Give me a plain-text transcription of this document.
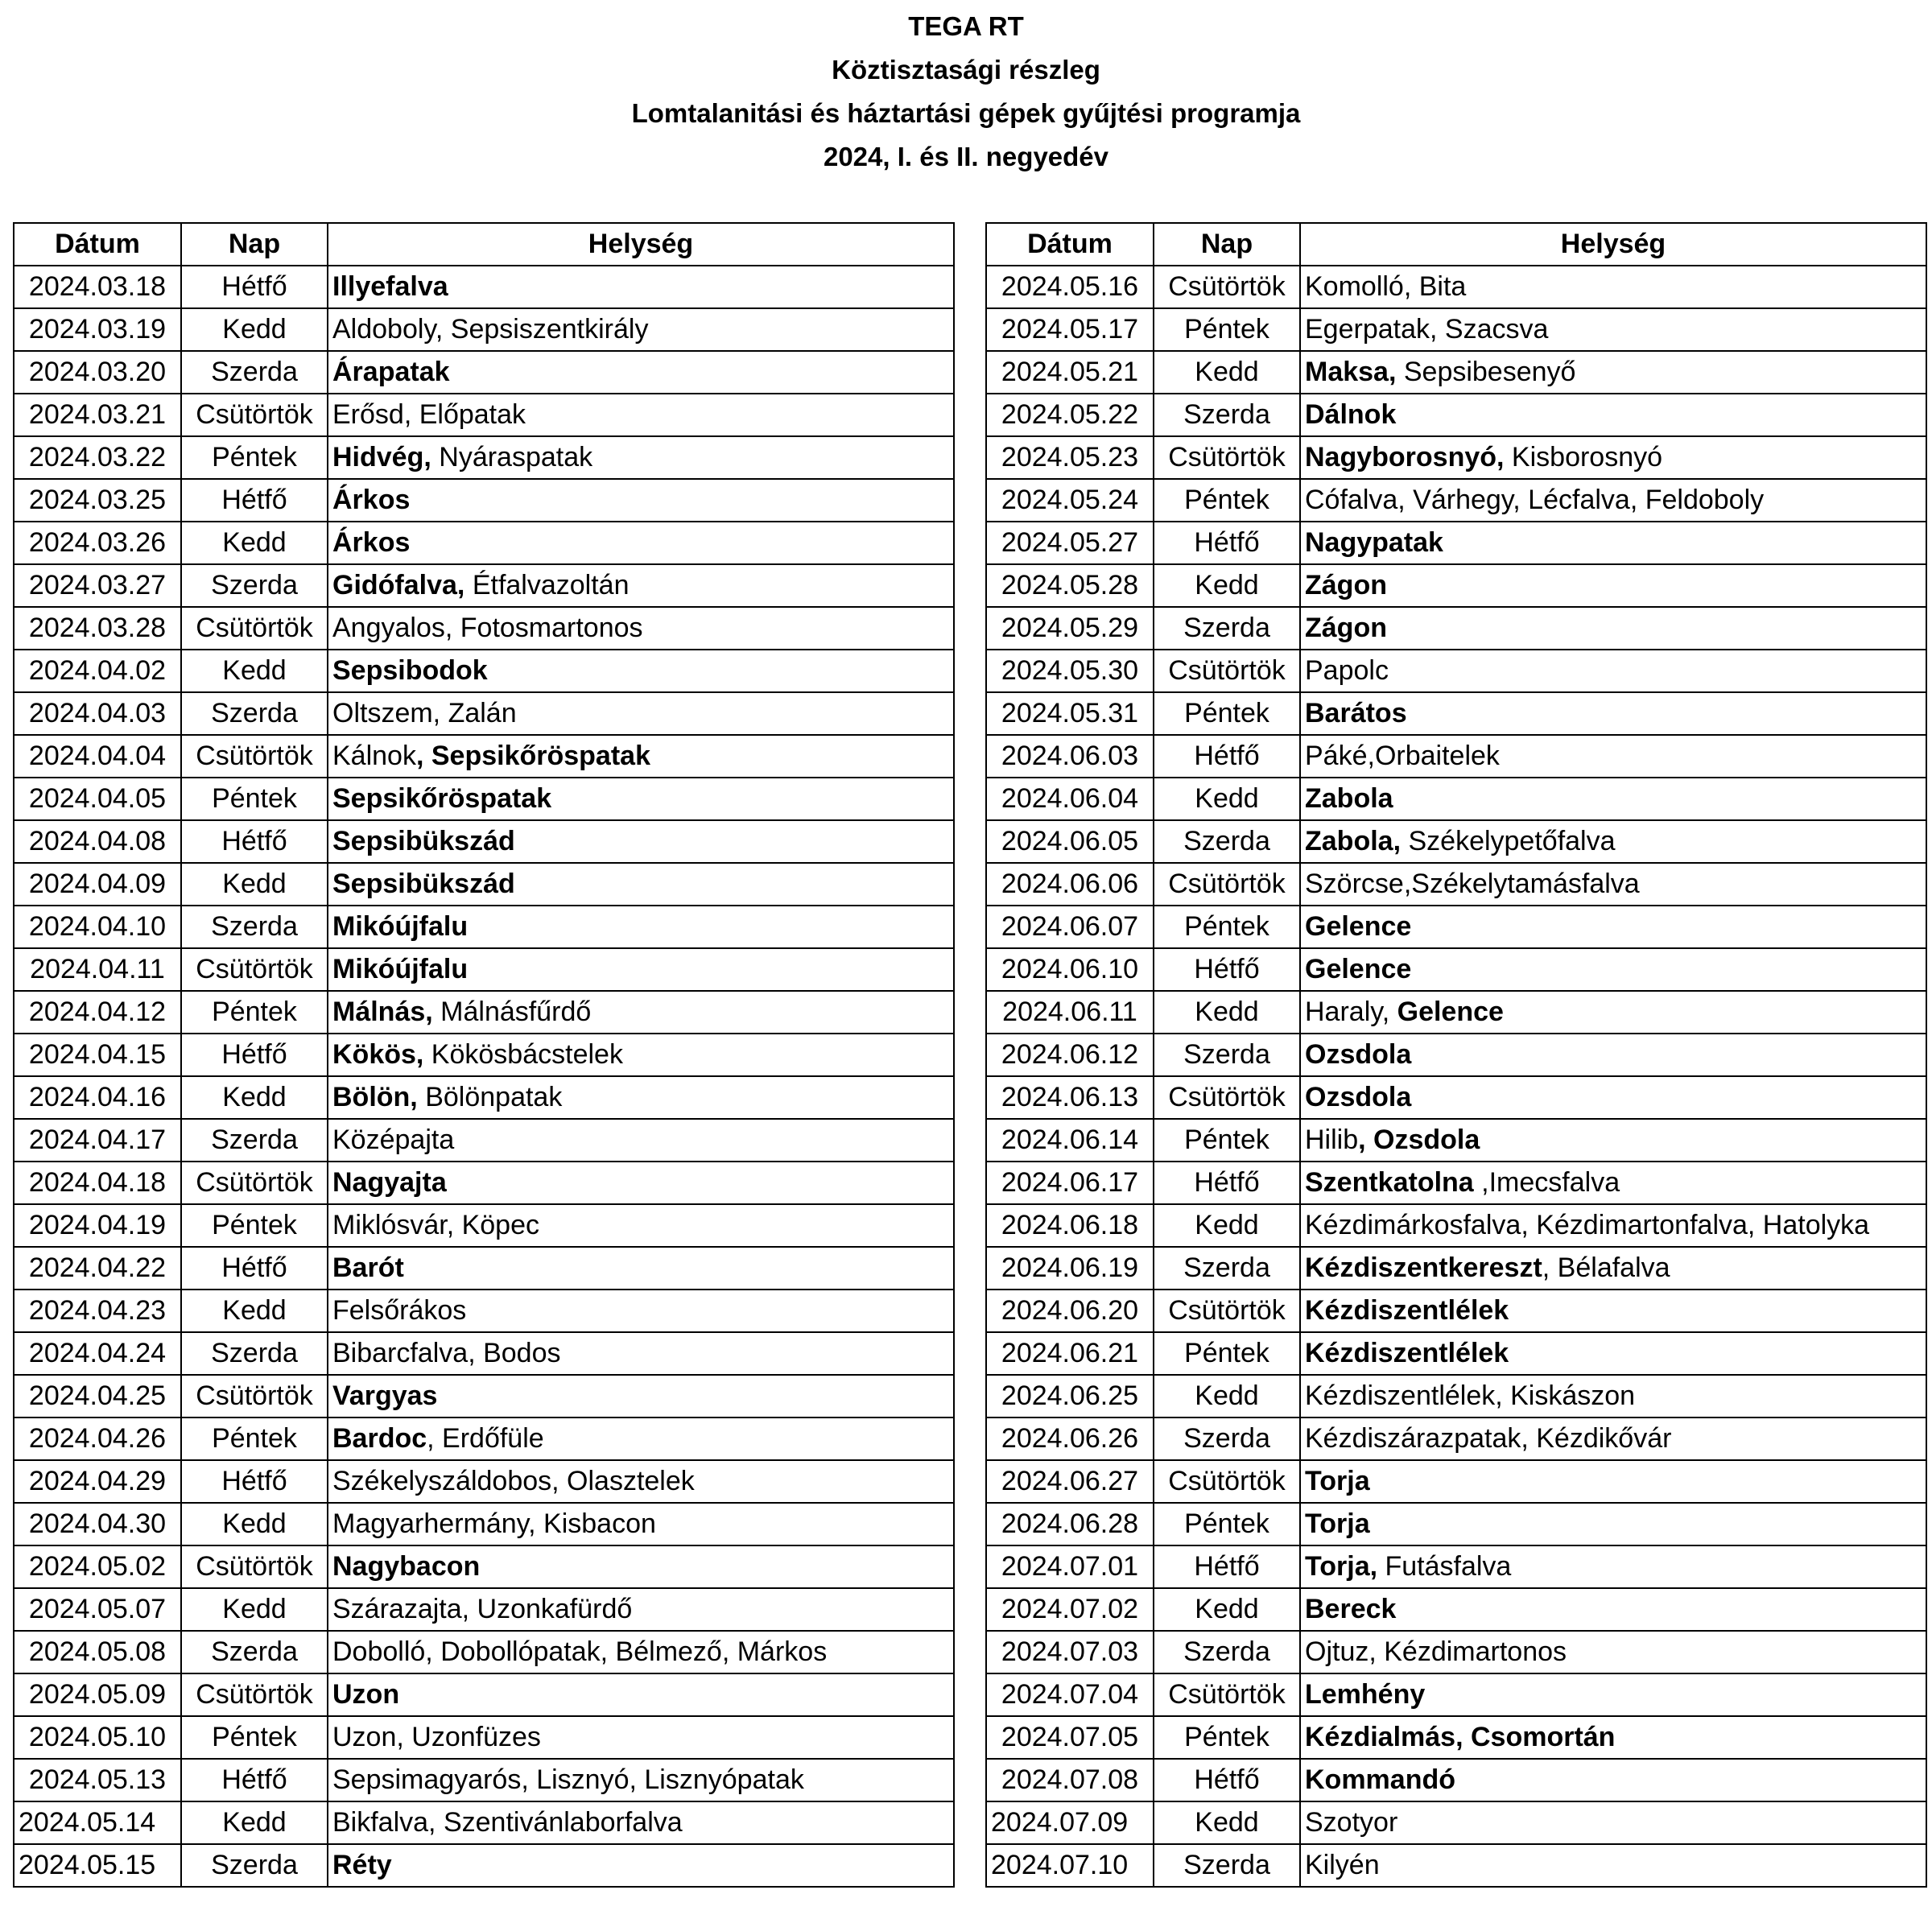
TEGA RT
Köztisztasági részleg
Lomtalanitási és háztartási gépek gyűjtési programja
2024, I. és II. negyedév
Dátum	Nap	Helység
2024.03.18	Hétfő	Illyefalva
2024.03.19	Kedd	Aldoboly, Sepsiszentkirály
2024.03.20	Szerda	Árapatak
2024.03.21	Csütörtök	Erősd, Előpatak
2024.03.22	Péntek	Hidvég, Nyáraspatak
2024.03.25	Hétfő	Árkos
2024.03.26	Kedd	Árkos
2024.03.27	Szerda	Gidófalva, Étfalvazoltán
2024.03.28	Csütörtök	Angyalos, Fotosmartonos
2024.04.02	Kedd	Sepsibodok
2024.04.03	Szerda	Oltszem, Zalán
2024.04.04	Csütörtök	Kálnok, Sepsikőröspatak
2024.04.05	Péntek	Sepsikőröspatak
2024.04.08	Hétfő	Sepsibükszád
2024.04.09	Kedd	Sepsibükszád
2024.04.10	Szerda	Mikóújfalu
2024.04.11	Csütörtök	Mikóújfalu
2024.04.12	Péntek	Málnás, Málnásfűrdő
2024.04.15	Hétfő	Kökös, Kökösbácstelek
2024.04.16	Kedd	Bölön, Bölönpatak
2024.04.17	Szerda	Középajta
2024.04.18	Csütörtök	Nagyajta
2024.04.19	Péntek	Miklósvár, Köpec
2024.04.22	Hétfő	Barót
2024.04.23	Kedd	Felsőrákos
2024.04.24	Szerda	Bibarcfalva, Bodos
2024.04.25	Csütörtök	Vargyas
2024.04.26	Péntek	Bardoc, Erdőfüle
2024.04.29	Hétfő	Székelyszáldobos, Olasztelek
2024.04.30	Kedd	Magyarhermány, Kisbacon
2024.05.02	Csütörtök	Nagybacon
2024.05.07	Kedd	Szárazajta, Uzonkafürdő
2024.05.08	Szerda	Dobolló, Dobollópatak, Bélmező, Márkos
2024.05.09	Csütörtök	Uzon
2024.05.10	Péntek	Uzon, Uzonfüzes
2024.05.13	Hétfő	Sepsimagyarós, Lisznyó, Lisznyópatak
2024.05.14	Kedd	Bikfalva, Szentivánlaborfalva
2024.05.15	Szerda	Réty
Dátum	Nap	Helység
2024.05.16	Csütörtök	Komolló, Bita
2024.05.17	Péntek	Egerpatak, Szacsva
2024.05.21	Kedd	Maksa, Sepsibesenyő
2024.05.22	Szerda	Dálnok
2024.05.23	Csütörtök	Nagyborosnyó, Kisborosnyó
2024.05.24	Péntek	Cófalva, Várhegy, Lécfalva, Feldoboly
2024.05.27	Hétfő	Nagypatak
2024.05.28	Kedd	Zágon
2024.05.29	Szerda	Zágon
2024.05.30	Csütörtök	Papolc
2024.05.31	Péntek	Barátos
2024.06.03	Hétfő	Páké,Orbaitelek
2024.06.04	Kedd	Zabola
2024.06.05	Szerda	Zabola, Székelypetőfalva
2024.06.06	Csütörtök	Szörcse,Székelytamásfalva
2024.06.07	Péntek	Gelence
2024.06.10	Hétfő	Gelence
2024.06.11	Kedd	Haraly, Gelence
2024.06.12	Szerda	Ozsdola
2024.06.13	Csütörtök	Ozsdola
2024.06.14	Péntek	Hilib, Ozsdola
2024.06.17	Hétfő	Szentkatolna ,Imecsfalva
2024.06.18	Kedd	Kézdimárkosfalva, Kézdimartonfalva, Hatolyka
2024.06.19	Szerda	Kézdiszentkereszt, Bélafalva
2024.06.20	Csütörtök	Kézdiszentlélek
2024.06.21	Péntek	Kézdiszentlélek
2024.06.25	Kedd	Kézdiszentlélek, Kiskászon
2024.06.26	Szerda	Kézdiszárazpatak, Kézdikővár
2024.06.27	Csütörtök	Torja
2024.06.28	Péntek	Torja
2024.07.01	Hétfő	Torja, Futásfalva
2024.07.02	Kedd	Bereck
2024.07.03	Szerda	Ojtuz, Kézdimartonos
2024.07.04	Csütörtök	Lemhény
2024.07.05	Péntek	Kézdialmás, Csomortán
2024.07.08	Hétfő	Kommandó
2024.07.09	Kedd	Szotyor
2024.07.10	Szerda	Kilyén
